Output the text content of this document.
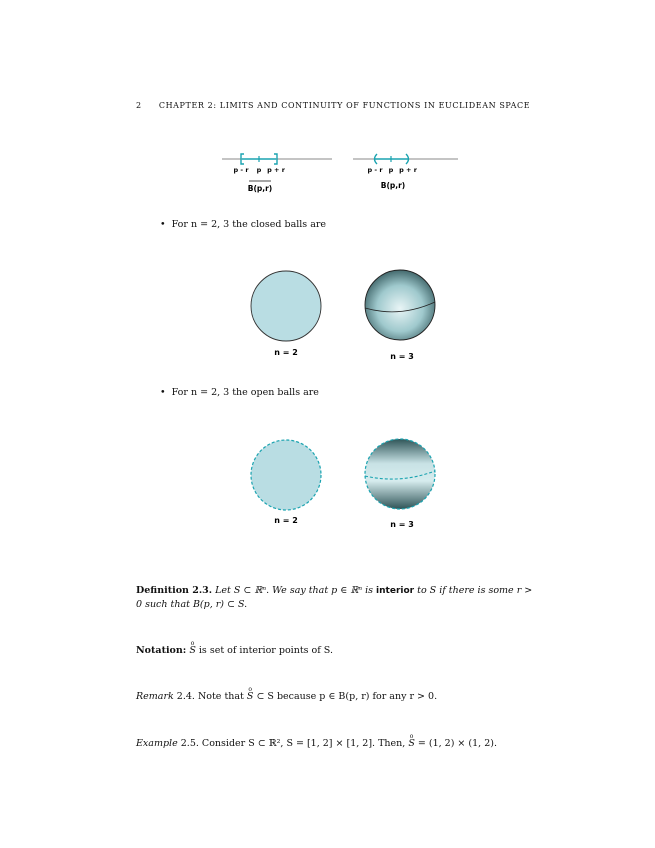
2 CHAPTER 2: LIMITS AND CONTINUITY OF FUNCTIONS IN EUCLIDEAN SPACE
p - r p p + r
B(p,r)
p - r p p + r
B(p,r)
• For n = 2, 3 the closed balls are
n = 2	n = 3
• For n = 2, 3 the open balls are
n = 2	n = 3
Definition 2.3. Let S ⊂ ℝⁿ. We say that p ∈ ℝⁿ is interior to S if there is some r > 0 such that B(p, r) ⊂ S.
Notation:
o
S is set of interior points of S.
Remark 2.4. Note that
o
S ⊂ S because p ∈ B(p, r) for any r > 0.
Example 2.5. Consider S ⊂ ℝ², S = [1, 2] × [1, 2]. Then,
o
S = (1, 2) × (1, 2).
